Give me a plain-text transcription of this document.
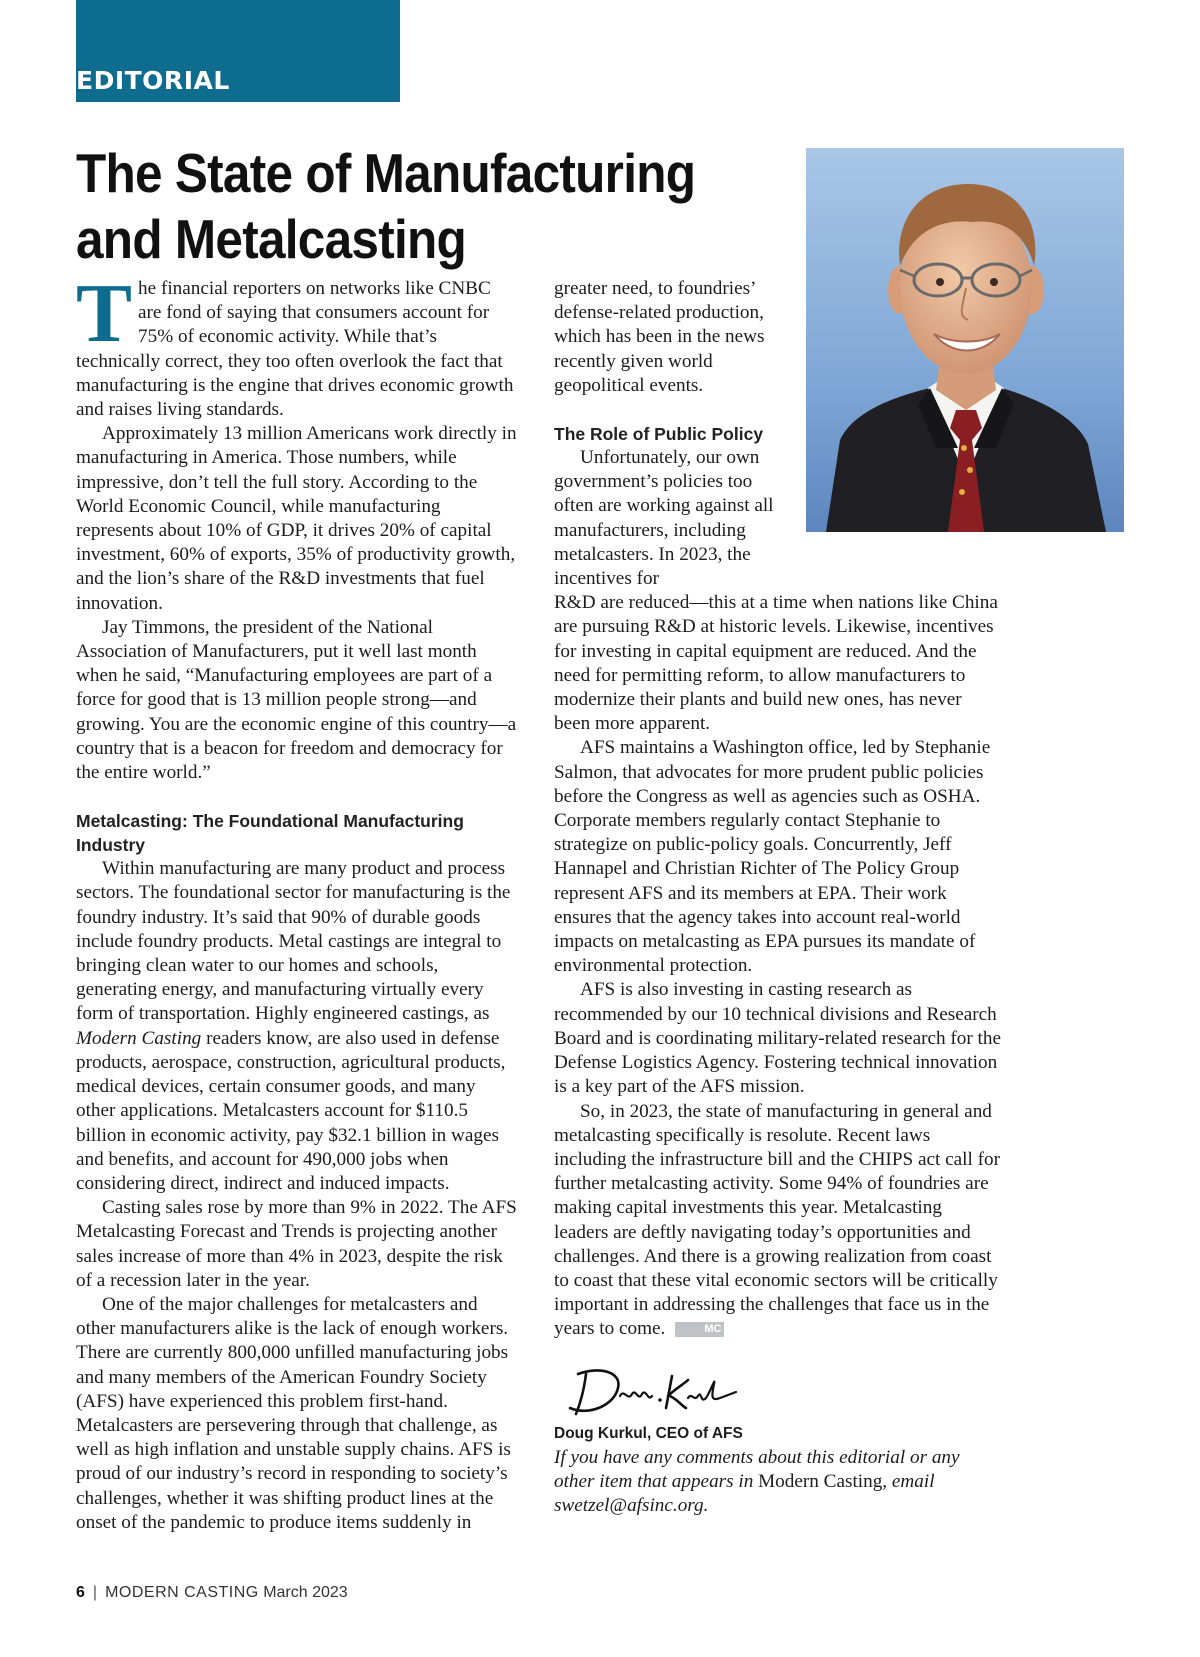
EDITORIAL
The State of Manufacturing
and Metalcasting

The financial reporters on networks like CNBC are fond of saying that consumers account for 75% of economic activity. While that’s technically correct, they too often overlook the fact that manufacturing is the engine that drives economic growth and raises living standards.

Approximately 13 million Americans work directly in manufacturing in America. Those numbers, while impressive, don’t tell the full story. According to the World Economic Council, while manufacturing represents about 10% of GDP, it drives 20% of capital investment, 60% of exports, 35% of productivity growth, and the lion’s share of the R&D investments that fuel innovation.

Jay Timmons, the president of the National Association of Manufacturers, put it well last month when he said, “Manufacturing employees are part of a force for good that is 13 million people strong—and growing. You are the economic engine of this country—a country that is a beacon for freedom and democracy for the entire world.”

Metalcasting: The Foundational Manufacturing Industry

Within manufacturing are many product and process sectors. The foundational sector for manufacturing is the foundry industry. It’s said that 90% of durable goods include foundry products. Metal castings are integral to bringing clean water to our homes and schools, generating energy, and manufacturing virtually every form of transportation. Highly engineered castings, as Modern Casting readers know, are also used in defense products, aerospace, construction, agricultural products, medical devices, certain consumer goods, and many other applications. Metalcasters account for $110.5 billion in economic activity, pay $32.1 billion in wages and benefits, and account for 490,000 jobs when considering direct, indirect and induced impacts.

Casting sales rose by more than 9% in 2022. The AFS Metalcasting Forecast and Trends is projecting another sales increase of more than 4% in 2023, despite the risk of a recession later in the year.

One of the major challenges for metalcasters and other manufacturers alike is the lack of enough workers. There are currently 800,000 unfilled manufacturing jobs and many members of the American Foundry Society (AFS) have experienced this problem first-hand. Metalcasters are persevering through that challenge, as well as high inflation and unstable supply chains. AFS is proud of our industry’s record in responding to society’s challenges, whether it was shifting product lines at the onset of the pandemic to produce items suddenly in

greater need, to foundries’ defense-related production, which has been in the news recently given world geopolitical events.

The Role of Public Policy

Unfortunately, our own government’s policies too often are working against all manufacturers, including metalcasters. In 2023, the incentives for

R&D are reduced—this at a time when nations like China are pursuing R&D at historic levels. Likewise, incentives for investing in capital equipment are reduced. And the need for permitting reform, to allow manufacturers to modernize their plants and build new ones, has never been more apparent.

AFS maintains a Washington office, led by Stephanie Salmon, that advocates for more prudent public policies before the Congress as well as agencies such as OSHA. Corporate members regularly contact Stephanie to strategize on public-policy goals. Concurrently, Jeff Hannapel and Christian Richter of The Policy Group represent AFS and its members at EPA. Their work ensures that the agency takes into account real-world impacts on metalcasting as EPA pursues its mandate of environmental protection.

AFS is also investing in casting research as recommended by our 10 technical divisions and Research Board and is coordinating military-related research for the Defense Logistics Agency. Fostering technical innovation is a key part of the AFS mission.

So, in 2023, the state of manufacturing in general and metalcasting specifically is resolute. Recent laws including the infrastructure bill and the CHIPS act call for further metalcasting activity. Some 94% of foundries are making capital investments this year. Metalcasting leaders are deftly navigating today’s opportunities and challenges. And there is a growing realization from coast to coast that these vital economic sectors will be critically important in addressing the challenges that face us in the years to come.	MC

Doug Kurkul, CEO of AFS

If you have any comments about this editorial or any other item that appears in Modern Casting, email swetzel@afsinc.org.

6 | MODERN CASTING March 2023
